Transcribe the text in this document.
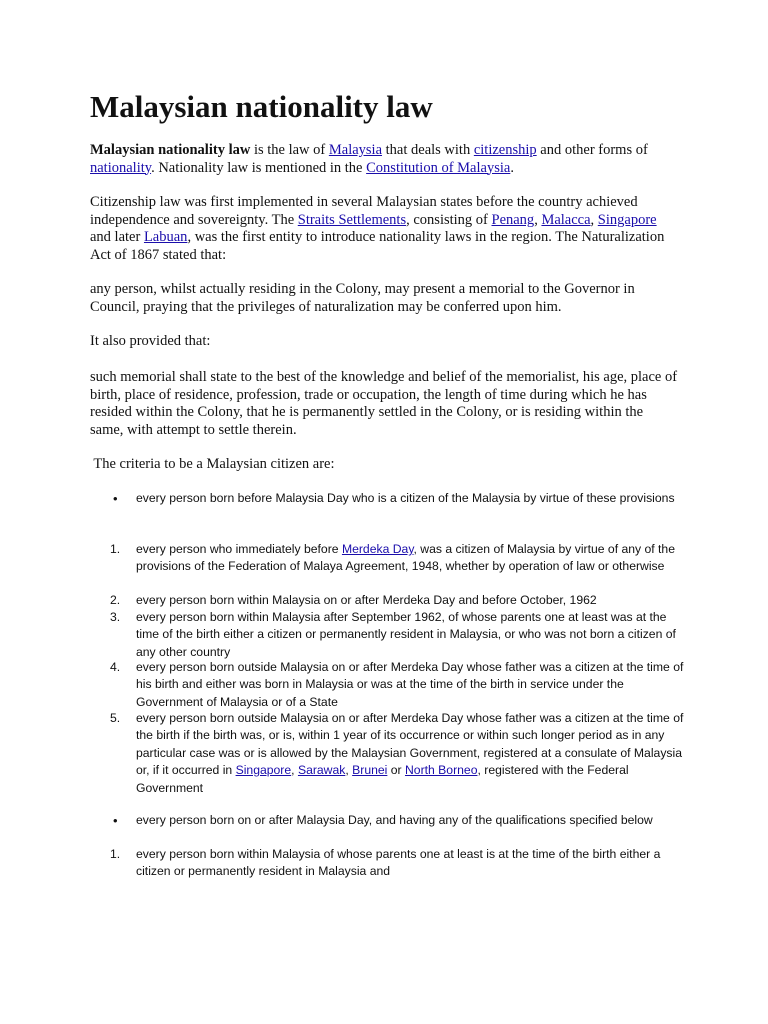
Malaysian nationality law

Malaysian nationality law is the law of Malaysia that deals with citizenship and other forms of nationality. Nationality law is mentioned in the Constitution of Malaysia.

Citizenship law was first implemented in several Malaysian states before the country achieved independence and sovereignty. The Straits Settlements, consisting of Penang, Malacca, Singapore and later Labuan, was the first entity to introduce nationality laws in the region. The Naturalization Act of 1867 stated that:

any person, whilst actually residing in the Colony, may present a memorial to the Governor in Council, praying that the privileges of naturalization may be conferred upon him.

It also provided that:

such memorial shall state to the best of the knowledge and belief of the memorialist, his age, place of birth, place of residence, profession, trade or occupation, the length of time during which he has resided within the Colony, that he is permanently settled in the Colony, or is residing within the same, with attempt to settle therein.

The criteria to be a Malaysian citizen are:

• every person born before Malaysia Day who is a citizen of the Malaysia by virtue of these provisions

1. every person who immediately before Merdeka Day, was a citizen of Malaysia by virtue of any of the provisions of the Federation of Malaya Agreement, 1948, whether by operation of law or otherwise

2. every person born within Malaysia on or after Merdeka Day and before October, 1962

3. every person born within Malaysia after September 1962, of whose parents one at least was at the time of the birth either a citizen or permanently resident in Malaysia, or who was not born a citizen of any other country

4. every person born outside Malaysia on or after Merdeka Day whose father was a citizen at the time of his birth and either was born in Malaysia or was at the time of the birth in service under the Government of Malaysia or of a State

5. every person born outside Malaysia on or after Merdeka Day whose father was a citizen at the time of the birth if the birth was, or is, within 1 year of its occurrence or within such longer period as in any particular case was or is allowed by the Malaysian Government, registered at a consulate of Malaysia or, if it occurred in Singapore, Sarawak, Brunei or North Borneo, registered with the Federal Government

• every person born on or after Malaysia Day, and having any of the qualifications specified below

1. every person born within Malaysia of whose parents one at least is at the time of the birth either a citizen or permanently resident in Malaysia and
